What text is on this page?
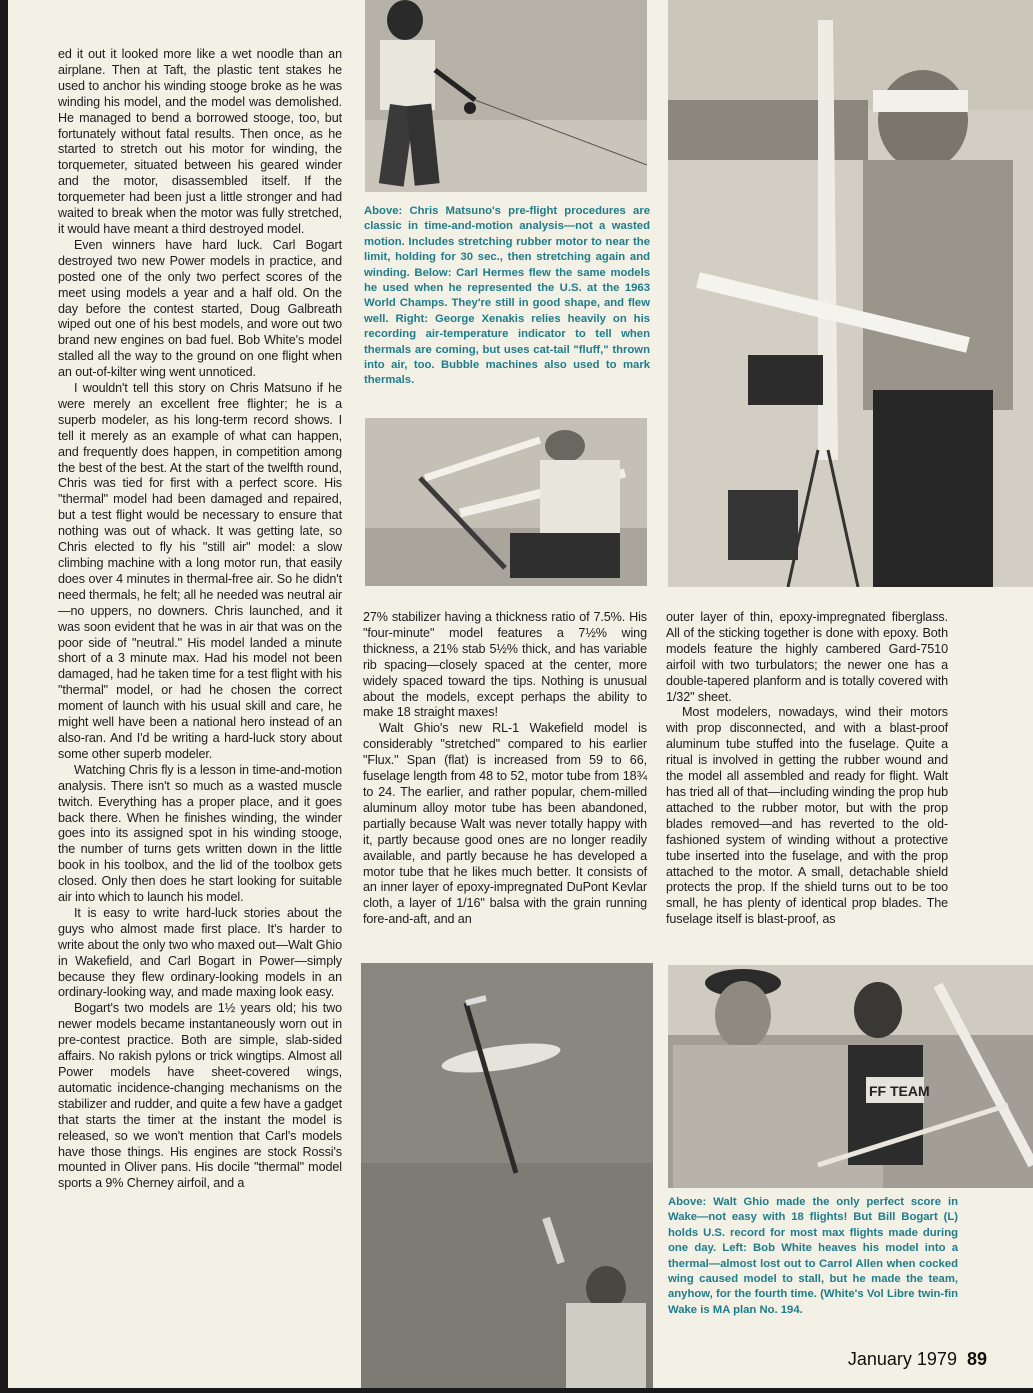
ed it out it looked more like a wet noodle than an airplane. Then at Taft, the plastic tent stakes he used to anchor his winding stooge broke as he was winding his model, and the model was demolished. He managed to bend a borrowed stooge, too, but fortunately without fatal results. Then once, as he started to stretch out his motor for winding, the torquemeter, situated between his geared winder and the motor, disassembled itself. If the torquemeter had been just a little stronger and had waited to break when the motor was fully stretched, it would have meant a third destroyed model.

Even winners have hard luck. Carl Bogart destroyed two new Power models in practice, and posted one of the only two perfect scores of the meet using models a year and a half old. On the day before the contest started, Doug Galbreath wiped out one of his best models, and wore out two brand new engines on bad fuel. Bob White's model stalled all the way to the ground on one flight when an out-of-kilter wing went unnoticed.

I wouldn't tell this story on Chris Matsuno if he were merely an excellent free flighter; he is a superb modeler, as his long-term record shows. I tell it merely as an example of what can happen, and frequently does happen, in competition among the best of the best. At the start of the twelfth round, Chris was tied for first with a perfect score. His "thermal" model had been damaged and repaired, but a test flight would be necessary to ensure that nothing was out of whack. It was getting late, so Chris elected to fly his "still air" model: a slow climbing machine with a long motor run, that easily does over 4 minutes in thermal-free air. So he didn't need thermals, he felt; all he needed was neutral air—no uppers, no downers. Chris launched, and it was soon evident that he was in air that was on the poor side of "neutral." His model landed a minute short of a 3 minute max. Had his model not been damaged, had he taken time for a test flight with his "thermal" model, or had he chosen the correct moment of launch with his usual skill and care, he might well have been a national hero instead of an also-ran. And I'd be writing a hard-luck story about some other superb modeler.

Watching Chris fly is a lesson in time-and-motion analysis. There isn't so much as a wasted muscle twitch. Everything has a proper place, and it goes back there. When he finishes winding, the winder goes into its assigned spot in his winding stooge, the number of turns gets written down in the little book in his toolbox, and the lid of the toolbox gets closed. Only then does he start looking for suitable air into which to launch his model.

It is easy to write hard-luck stories about the guys who almost made first place. It's harder to write about the only two who maxed out—Walt Ghio in Wakefield, and Carl Bogart in Power—simply because they flew ordinary-looking models in an ordinary-looking way, and made maxing look easy.

Bogart's two models are 1½ years old; his two newer models became instantaneously worn out in pre-contest practice. Both are simple, slab-sided affairs. No rakish pylons or trick wingtips. Almost all Power models have sheet-covered wings, automatic incidence-changing mechanisms on the stabilizer and rudder, and quite a few have a gadget that starts the timer at the instant the model is released, so we won't mention that Carl's models have those things. His engines are stock Rossi's mounted in Oliver pans. His docile "thermal" model sports a 9% Cherney airfoil, and a

Above: Chris Matsuno's pre-flight procedures are classic in time-and-motion analysis—not a wasted motion. Includes stretching rubber motor to near the limit, holding for 30 sec., then stretching again and winding. Below: Carl Hermes flew the same models he used when he represented the U.S. at the 1963 World Champs. They're still in good shape, and flew well. Right: George Xenakis relies heavily on his recording air-temperature indicator to tell when thermals are coming, but uses cat-tail "fluff," thrown into air, too. Bubble machines also used to mark thermals.

27% stabilizer having a thickness ratio of 7.5%. His "four-minute" model features a 7½% wing thickness, a 21% stab 5½% thick, and has variable rib spacing—closely spaced at the center, more widely spaced toward the tips. Nothing is unusual about the models, except perhaps the ability to make 18 straight maxes!

Walt Ghio's new RL-1 Wakefield model is considerably "stretched" compared to his earlier "Flux." Span (flat) is increased from 59 to 66, fuselage length from 48 to 52, motor tube from 18¾ to 24. The earlier, and rather popular, chem-milled aluminum alloy motor tube has been abandoned, partially because Walt was never totally happy with it, partly because good ones are no longer readily available, and partly because he has developed a motor tube that he likes much better. It consists of an inner layer of epoxy-impregnated DuPont Kevlar cloth, a layer of 1/16" balsa with the grain running fore-and-aft, and an

outer layer of thin, epoxy-impregnated fiberglass. All of the sticking together is done with epoxy. Both models feature the highly cambered Gard-7510 airfoil with two turbulators; the newer one has a double-tapered planform and is totally covered with 1/32" sheet.

Most modelers, nowadays, wind their motors with prop disconnected, and with a blast-proof aluminum tube stuffed into the fuselage. Quite a ritual is involved in getting the rubber wound and the model all assembled and ready for flight. Walt has tried all of that—including winding the prop hub attached to the rubber motor, but with the prop blades removed—and has reverted to the old-fashioned system of winding without a protective tube inserted into the fuselage, and with the prop attached to the motor. A small, detachable shield protects the prop. If the shield turns out to be too small, he has plenty of identical prop blades. The fuselage itself is blast-proof, as

FF TEAM
Above: Walt Ghio made the only perfect score in Wake—not easy with 18 flights! But Bill Bogart (L) holds U.S. record for most max flights made during one day. Left: Bob White heaves his model into a thermal—almost lost out to Carrol Allen when cocked wing caused model to stall, but he made the team, anyhow, for the fourth time. (White's Vol Libre twin-fin Wake is MA plan No. 194.
January 1979 89
